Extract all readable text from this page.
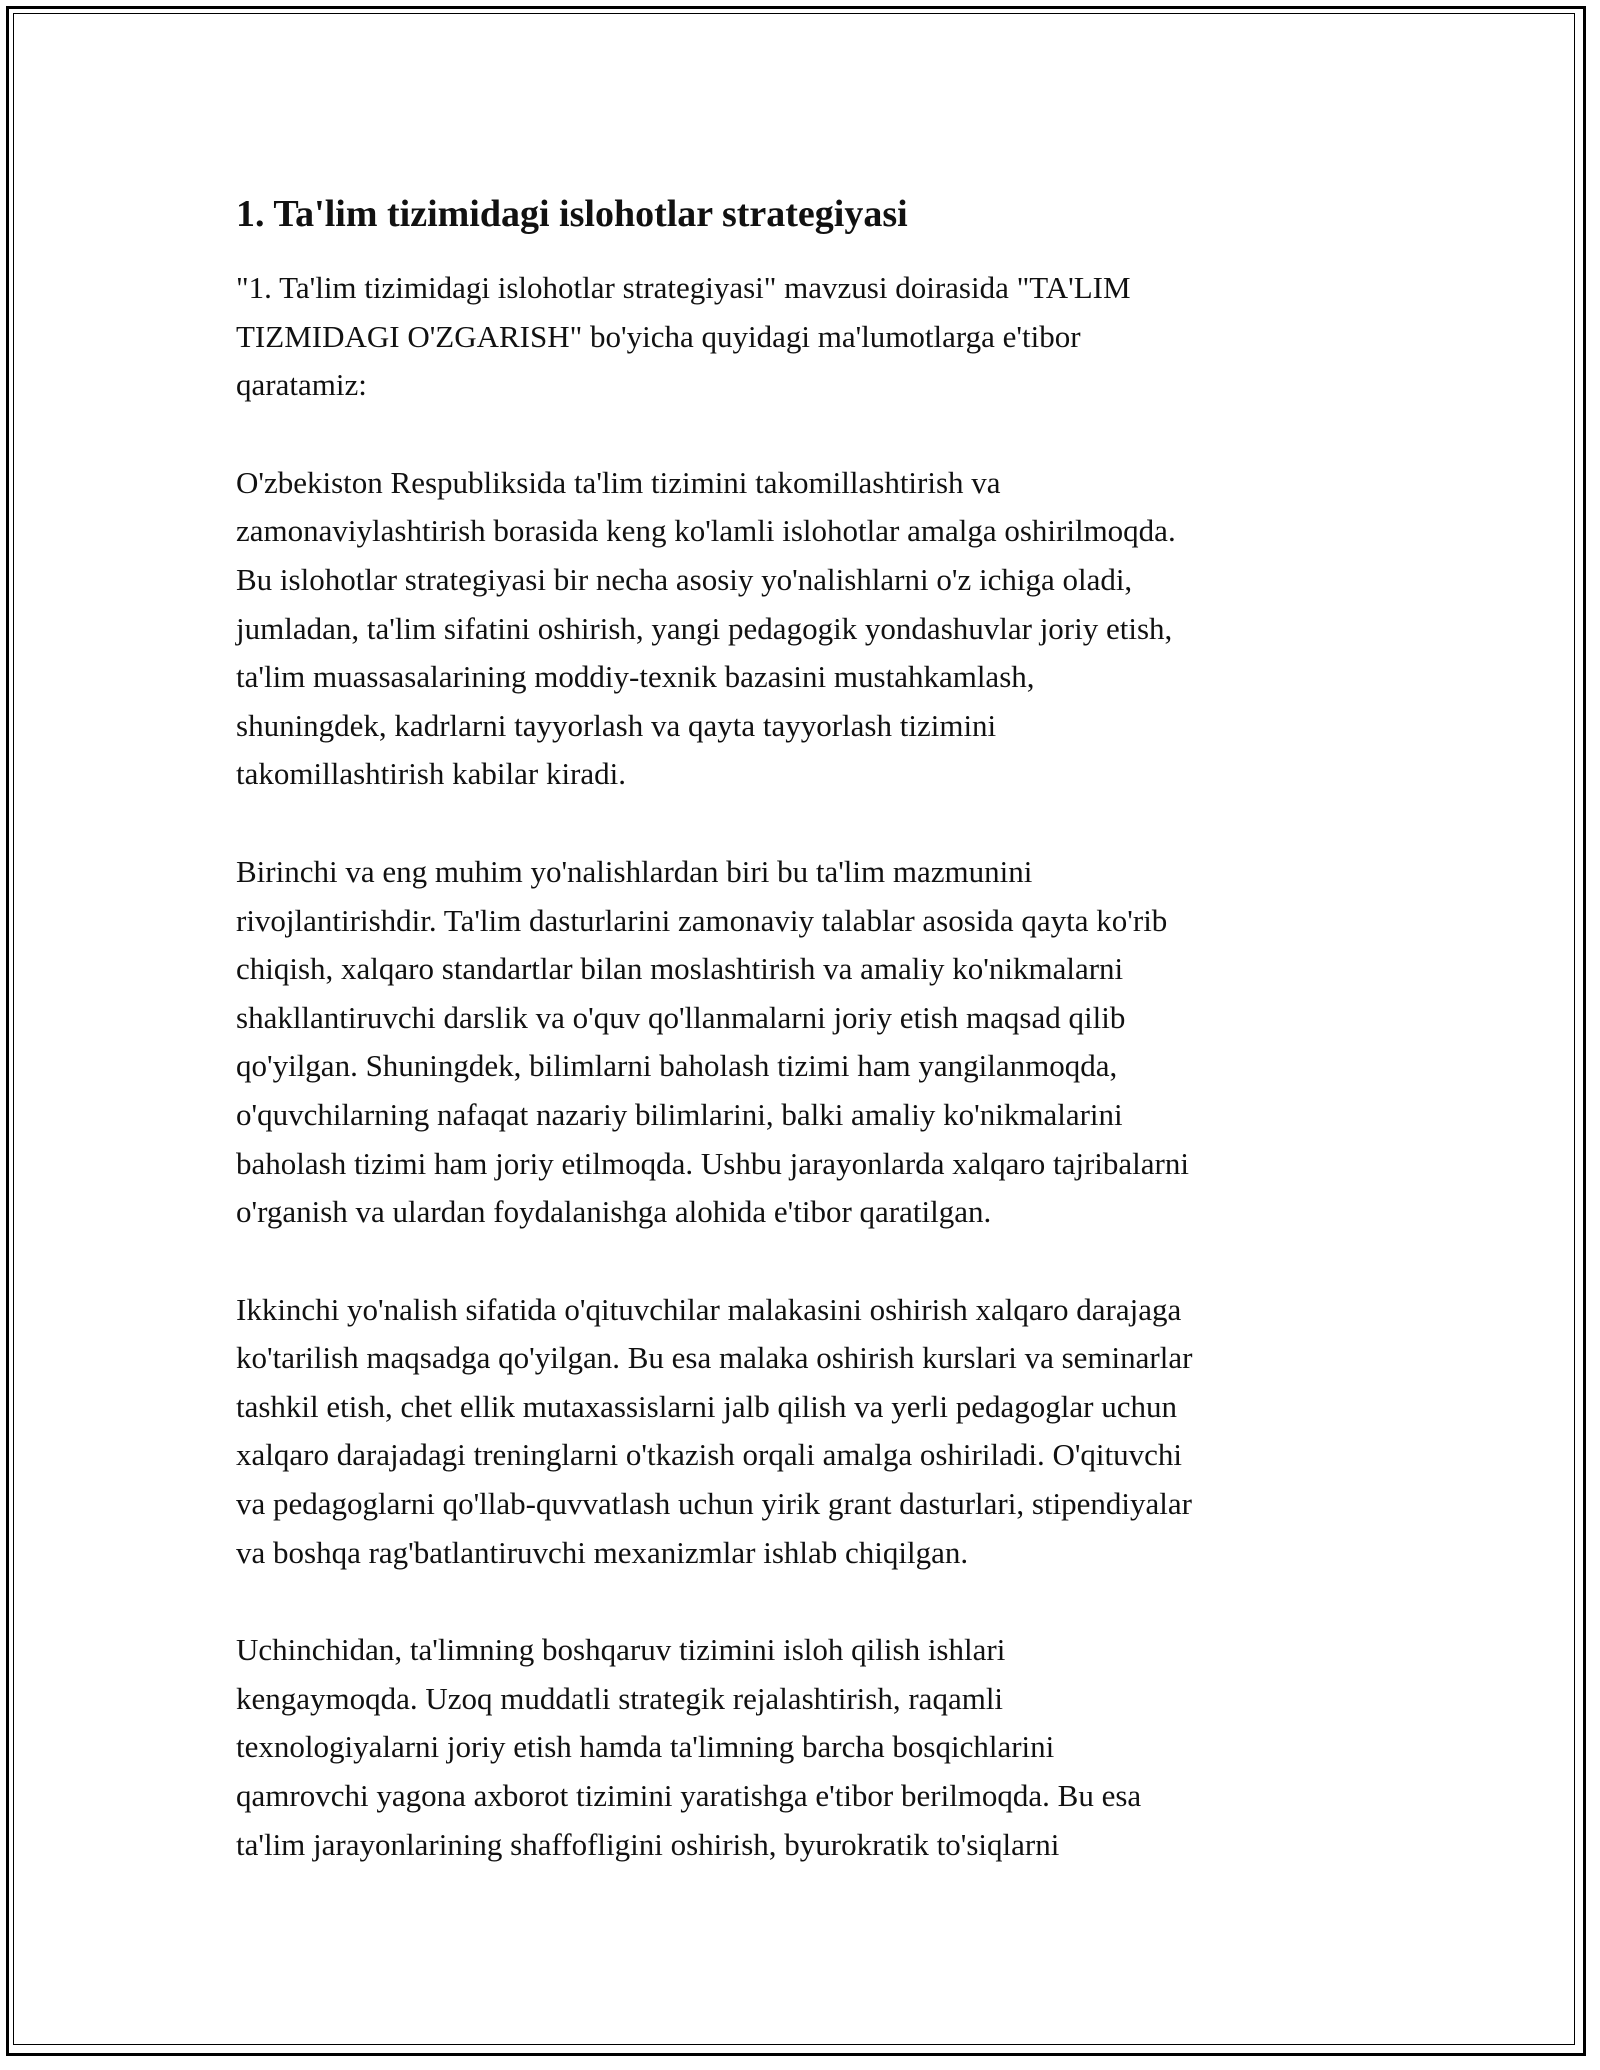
1. Ta'lim tizimidagi islohotlar strategiyasi

"1. Ta'lim tizimidagi islohotlar strategiyasi" mavzusi doirasida "TA'LIM
TIZMIDAGI O'ZGARISH" bo'yicha quyidagi ma'lumotlarga e'tibor
qaratamiz:

O'zbekiston Respubliksida ta'lim tizimini takomillashtirish va
zamonaviylashtirish borasida keng ko'lamli islohotlar amalga oshirilmoqda.
Bu islohotlar strategiyasi bir necha asosiy yo'nalishlarni o'z ichiga oladi,
jumladan, ta'lim sifatini oshirish, yangi pedagogik yondashuvlar joriy etish,
ta'lim muassasalarining moddiy-texnik bazasini mustahkamlash,
shuningdek, kadrlarni tayyorlash va qayta tayyorlash tizimini
takomillashtirish kabilar kiradi.

Birinchi va eng muhim yo'nalishlardan biri bu ta'lim mazmunini
rivojlantirishdir. Ta'lim dasturlarini zamonaviy talablar asosida qayta ko'rib
chiqish, xalqaro standartlar bilan moslashtirish va amaliy ko'nikmalarni
shakllantiruvchi darslik va o'quv qo'llanmalarni joriy etish maqsad qilib
qo'yilgan. Shuningdek, bilimlarni baholash tizimi ham yangilanmoqda,
o'quvchilarning nafaqat nazariy bilimlarini, balki amaliy ko'nikmalarini
baholash tizimi ham joriy etilmoqda. Ushbu jarayonlarda xalqaro tajribalarni
o'rganish va ulardan foydalanishga alohida e'tibor qaratilgan.

Ikkinchi yo'nalish sifatida o'qituvchilar malakasini oshirish xalqaro darajaga
ko'tarilish maqsadga qo'yilgan. Bu esa malaka oshirish kurslari va seminarlar
tashkil etish, chet ellik mutaxassislarni jalb qilish va yerli pedagoglar uchun
xalqaro darajadagi treninglarni o'tkazish orqali amalga oshiriladi. O'qituvchi
va pedagoglarni qo'llab-quvvatlash uchun yirik grant dasturlari, stipendiyalar
va boshqa rag'batlantiruvchi mexanizmlar ishlab chiqilgan.

Uchinchidan, ta'limning boshqaruv tizimini isloh qilish ishlari
kengaymoqda. Uzoq muddatli strategik rejalashtirish, raqamli
texnologiyalarni joriy etish hamda ta'limning barcha bosqichlarini
qamrovchi yagona axborot tizimini yaratishga e'tibor berilmoqda. Bu esa
ta'lim jarayonlarining shaffofligini oshirish, byurokratik to'siqlarni
